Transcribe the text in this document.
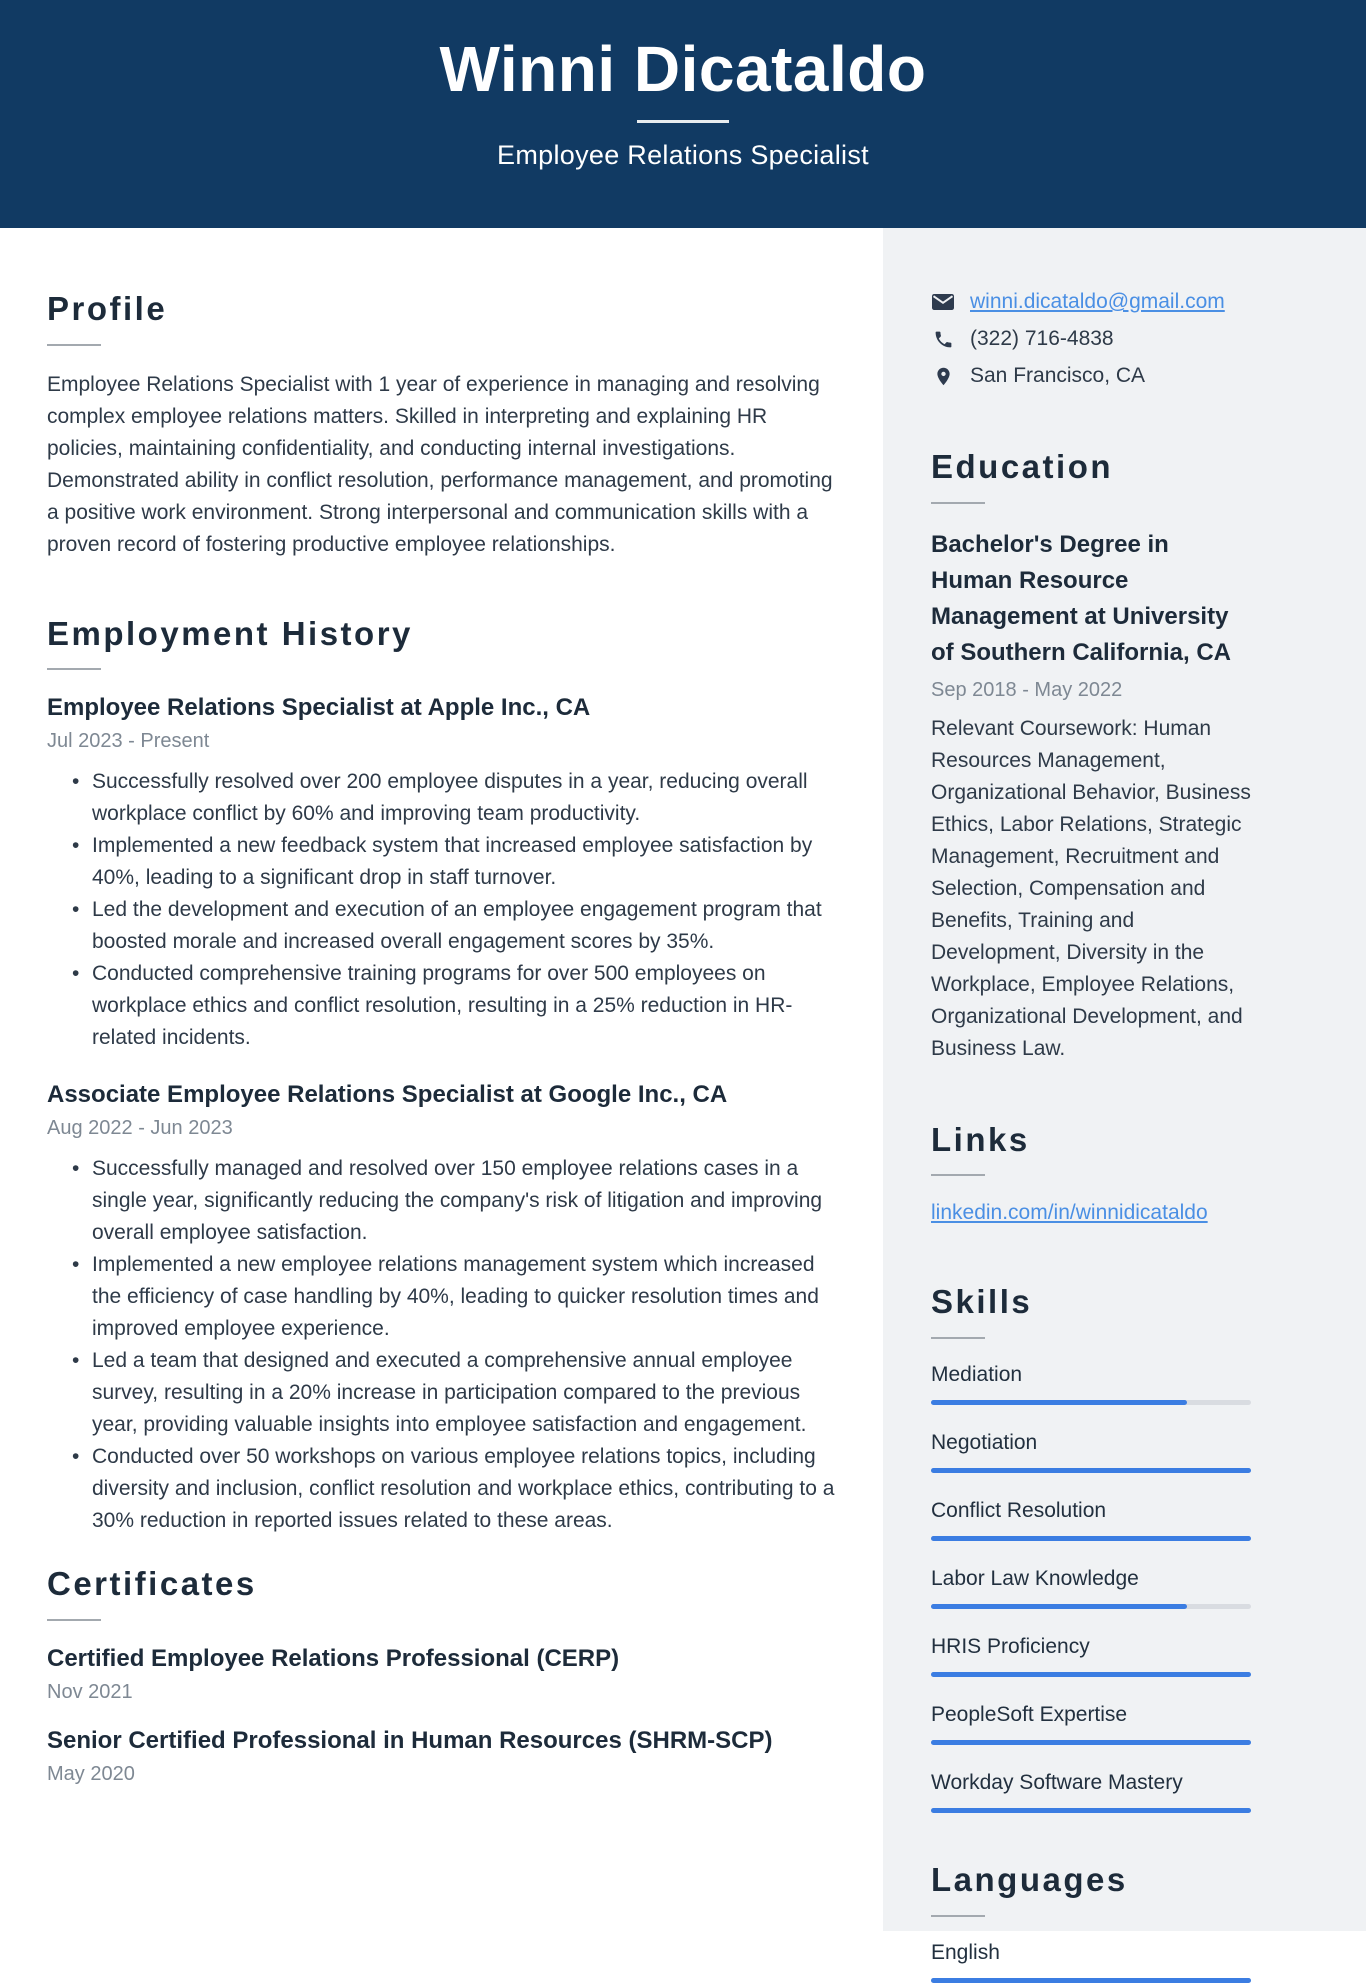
Winni Dicataldo
Employee Relations Specialist
Profile

Employee Relations Specialist with 1 year of experience in managing and resolving complex employee relations matters. Skilled in interpreting and explaining HR policies, maintaining confidentiality, and conducting internal investigations. Demonstrated ability in conflict resolution, performance management, and promoting a positive work environment. Strong interpersonal and communication skills with a proven record of fostering productive employee relationships.

Employment History
Employee Relations Specialist at Apple Inc., CA
Jul 2023 - Present
• Successfully resolved over 200 employee disputes in a year, reducing overall workplace conflict by 60% and improving team productivity.
• Implemented a new feedback system that increased employee satisfaction by 40%, leading to a significant drop in staff turnover.
• Led the development and execution of an employee engagement program that boosted morale and increased overall engagement scores by 35%.
• Conducted comprehensive training programs for over 500 employees on workplace ethics and conflict resolution, resulting in a 25% reduction in HR-related incidents.
Associate Employee Relations Specialist at Google Inc., CA
Aug 2022 - Jun 2023
• Successfully managed and resolved over 150 employee relations cases in a single year, significantly reducing the company's risk of litigation and improving overall employee satisfaction.
• Implemented a new employee relations management system which increased the efficiency of case handling by 40%, leading to quicker resolution times and improved employee experience.
• Led a team that designed and executed a comprehensive annual employee survey, resulting in a 20% increase in participation compared to the previous year, providing valuable insights into employee satisfaction and engagement.
• Conducted over 50 workshops on various employee relations topics, including diversity and inclusion, conflict resolution and workplace ethics, contributing to a 30% reduction in reported issues related to these areas.
Certificates
Certified Employee Relations Professional (CERP)
Nov 2021
Senior Certified Professional in Human Resources (SHRM-SCP)
May 2020
winni.dicataldo@gmail.com
(322) 716-4838
San Francisco, CA
Education
Bachelor's Degree in Human Resource Management at University of Southern California, CA
Sep 2018 - May 2022

Relevant Coursework: Human Resources Management, Organizational Behavior, Business Ethics, Labor Relations, Strategic Management, Recruitment and Selection, Compensation and Benefits, Training and Development, Diversity in the Workplace, Employee Relations, Organizational Development, and Business Law.

Links
linkedin.com/in/winnidicataldo
Skills
Mediation
Negotiation
Conflict Resolution
Labor Law Knowledge
HRIS Proficiency
PeopleSoft Expertise
Workday Software Mastery
Languages
English
